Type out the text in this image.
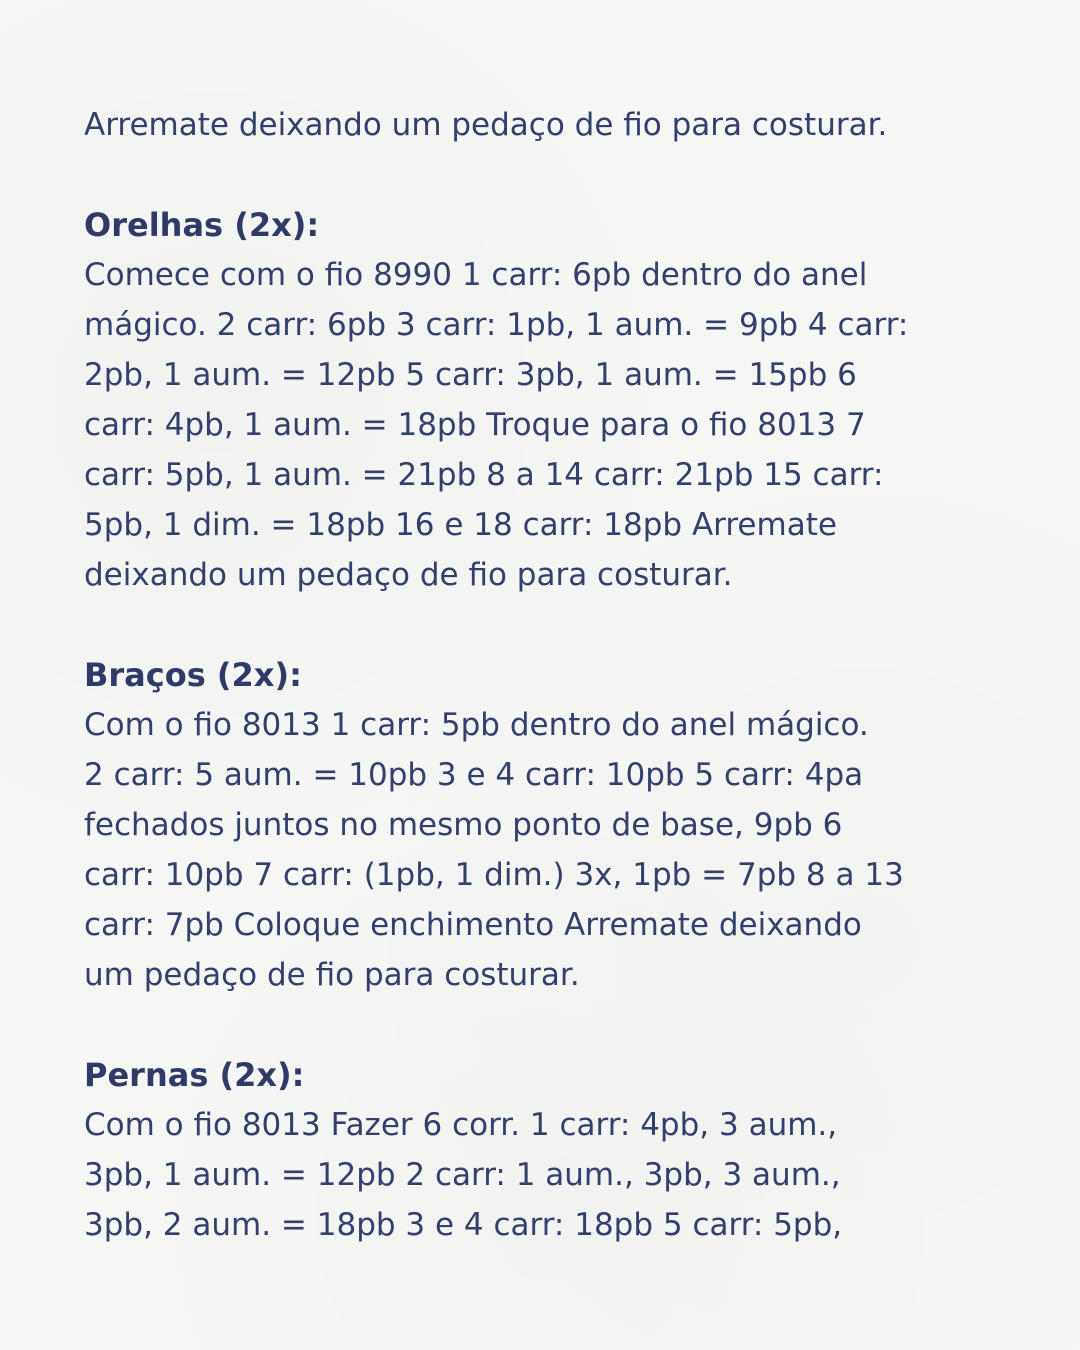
Arremate deixando um pedaço de fio para costurar.

Orelhas (2x):

Comece com o fio 8990 1 carr: 6pb dentro do anel
mágico. 2 carr: 6pb 3 carr: 1pb, 1 aum. = 9pb 4 carr:
2pb, 1 aum. = 12pb 5 carr: 3pb, 1 aum. = 15pb 6
carr: 4pb, 1 aum. = 18pb Troque para o fio 8013 7
carr: 5pb, 1 aum. = 21pb 8 a 14 carr: 21pb 15 carr:
5pb, 1 dim. = 18pb 16 e 18 carr: 18pb Arremate
deixando um pedaço de fio para costurar.

Braços (2x):

Com o fio 8013 1 carr: 5pb dentro do anel mágico.
2 carr: 5 aum. = 10pb 3 e 4 carr: 10pb 5 carr: 4pa
fechados juntos no mesmo ponto de base, 9pb 6
carr: 10pb 7 carr: (1pb, 1 dim.) 3x, 1pb = 7pb 8 a 13
carr: 7pb Coloque enchimento Arremate deixando
um pedaço de fio para costurar.

Pernas (2x):

Com o fio 8013 Fazer 6 corr. 1 carr: 4pb, 3 aum.,
3pb, 1 aum. = 12pb 2 carr: 1 aum., 3pb, 3 aum.,
3pb, 2 aum. = 18pb 3 e 4 carr: 18pb 5 carr: 5pb,
